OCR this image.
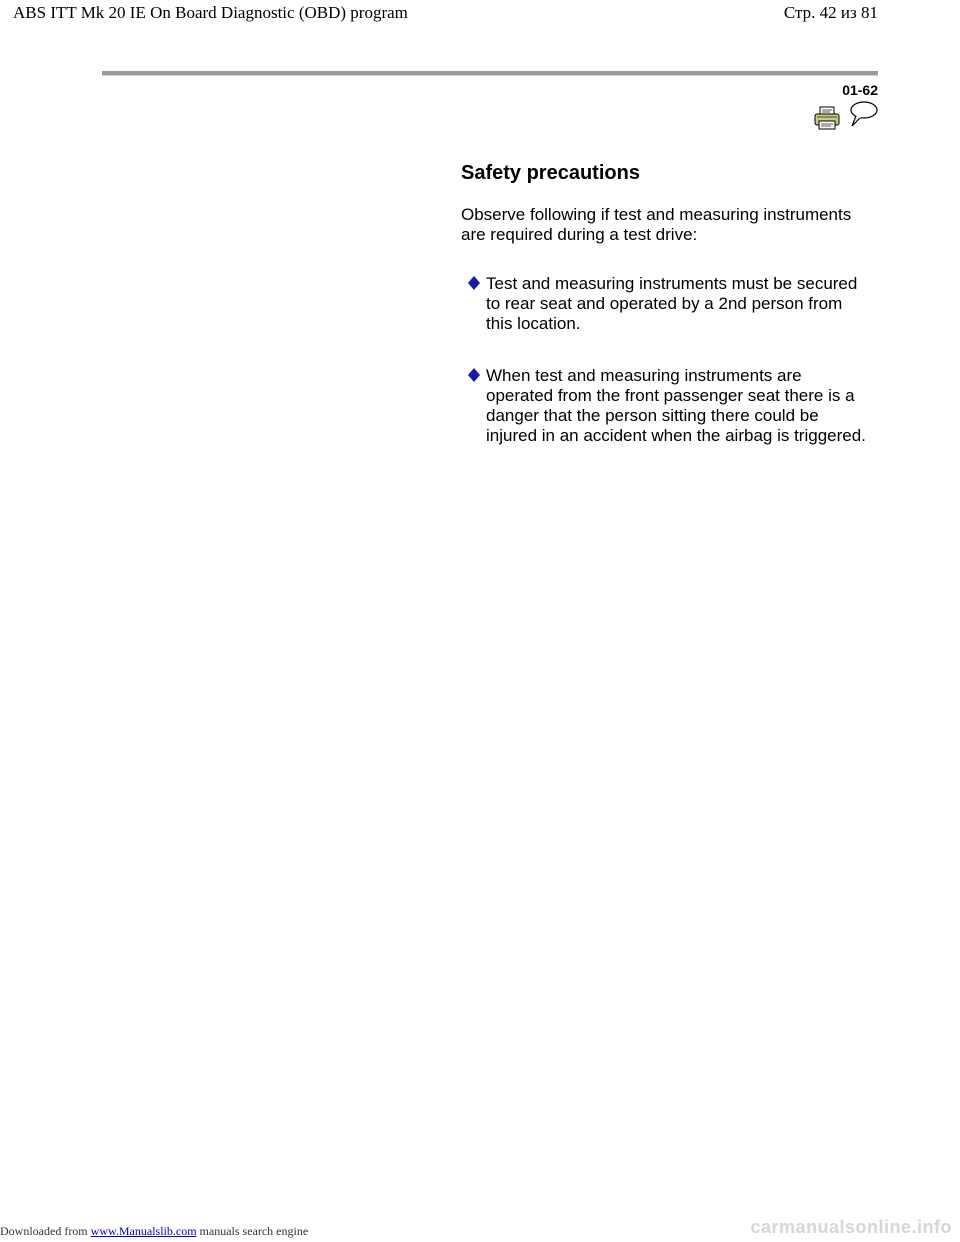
ABS ITT Mk 20 IE On Board Diagnostic (OBD) program	Стр. 42 из 81
01-62
Safety precautions

Observe following if test and measuring instruments are required during a test drive:

Test and measuring instruments must be secured to rear seat and operated by a 2nd person from this location.
When test and measuring instruments are operated from the front passenger seat there is a danger that the person sitting there could be injured in an accident when the airbag is triggered.
Downloaded from www.Manualslib.com manuals search engine	carmanualsonline.info
